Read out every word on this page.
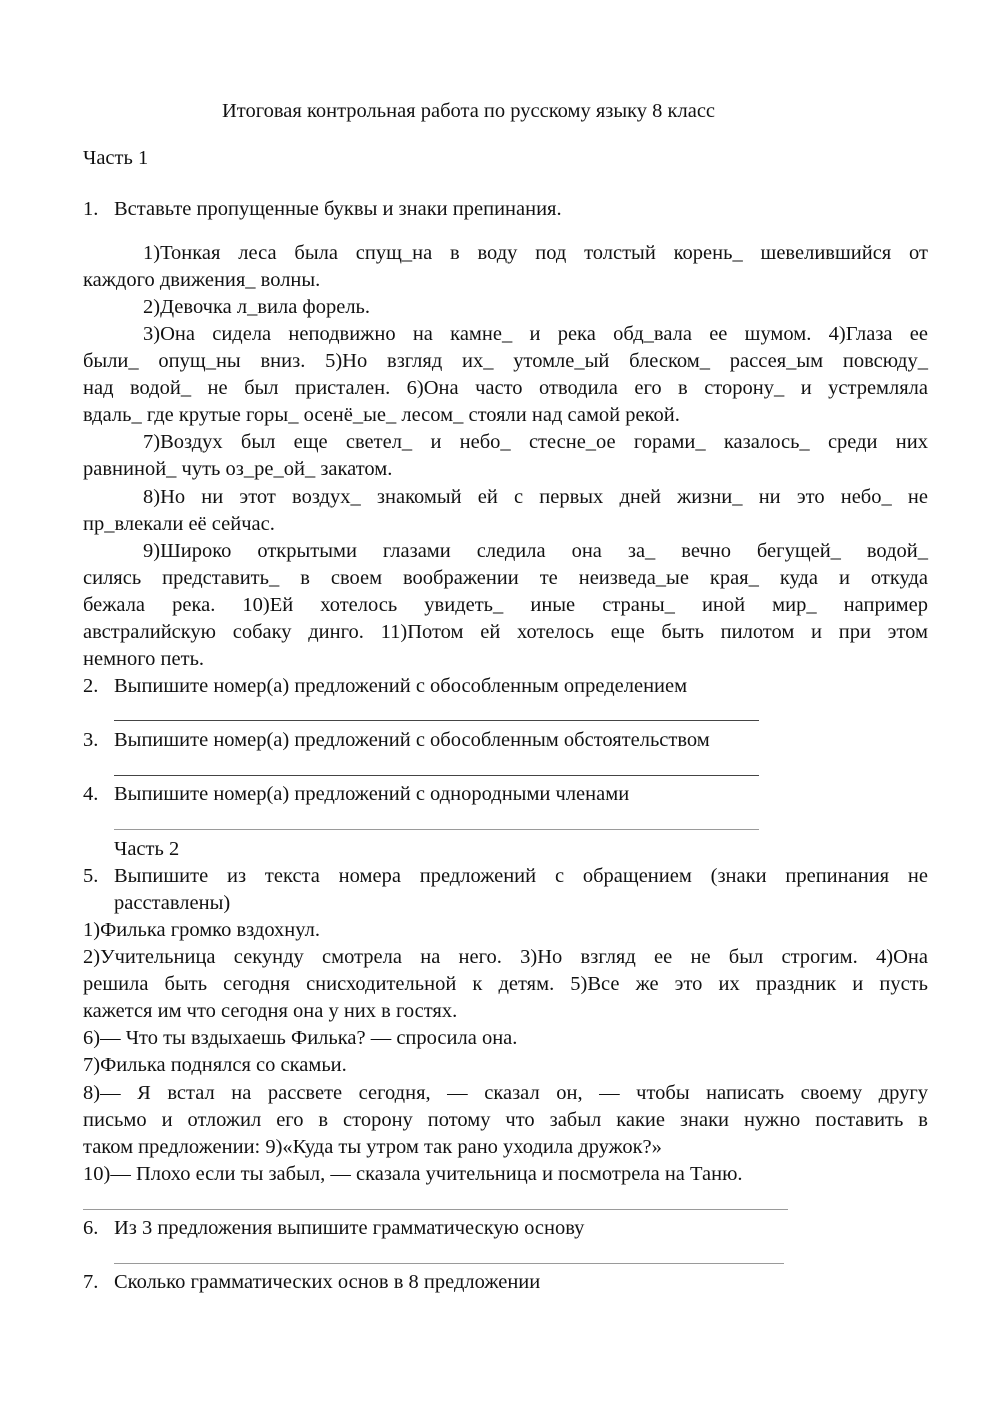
Итоговая контрольная работа по русскому языку 8 класс
Часть 1
1. Вставьте пропущенные буквы и знаки препинания.
1)Тонкая леса была спущ_на в воду под толстый корень_ шевелившийся от
каждого движения_ волны.
2)Девочка л_вила форель.
3)Она сидела неподвижно на камне_ и река обд_вала ее шумом. 4)Глаза ее
были_ опущ_ны вниз. 5)Но взгляд их_ утомле_ый блеском_ рассея_ым повсюду_
над водой_ не был пристален. 6)Она часто отводила его в сторону_ и устремляла
вдаль_ где крутые горы_ осенё_ые_ лесом_ стояли над самой рекой.
7)Воздух был еще светел_ и небо_ стесне_ое горами_ казалось_ среди них
равниной_ чуть оз_ре_ой_ закатом.
8)Но ни этот воздух_ знакомый ей с первых дней жизни_ ни это небо_ не
пр_влекали её сейчас.
9)Широко открытыми глазами следила она за_ вечно бегущей_ водой_
силясь представить_ в своем воображении те неизведа_ые края_ куда и откуда
бежала река. 10)Ей хотелось увидеть_ иные страны_ иной мир_ например
австралийскую собаку динго. 11)Потом ей хотелось еще быть пилотом и при этом
немного петь.
2. Выпишите номер(а) предложений с обособленным определением
3. Выпишите номер(а) предложений с обособленным обстоятельством
4. Выпишите номер(а) предложений с однородными членами
Часть 2
5. Выпишите из текста номера предложений с обращением (знаки препинания не
расставлены)
1)Филька громко вздохнул.
2)Учительница секунду смотрела на него. 3)Но взгляд ее не был строгим. 4)Она
решила быть сегодня снисходительной к детям. 5)Все же это их праздник и пусть
кажется им что сегодня она у них в гостях.
6)— Что ты вздыхаешь Филька? — спросила она.
7)Филька поднялся со скамьи.
8)— Я встал на рассвете сегодня, — сказал он, — чтобы написать своему другу
письмо и отложил его в сторону потому что забыл какие знаки нужно поставить в
таком предложении: 9)«Куда ты утром так рано уходила дружок?»
10)— Плохо если ты забыл, — сказала учительница и посмотрела на Таню.
6. Из 3 предложения выпишите грамматическую основу
7. Сколько грамматических основ в 8 предложении
